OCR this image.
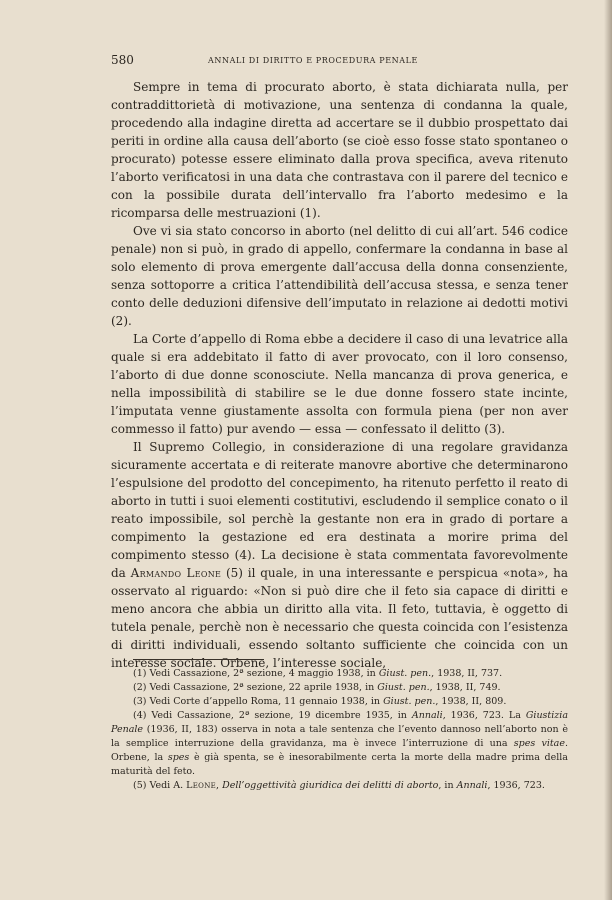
580	ANNALI DI DIRITTO E PROCEDURA PENALE

Sempre in tema di procurato aborto, è stata dichiarata nulla, per contraddittorietà di motivazione, una sentenza di condanna la quale, procedendo alla indagine diretta ad accertare se il dubbio prospettato dai periti in ordine alla causa dell’aborto (se cioè esso fosse stato spontaneo o procurato) potesse essere eliminato dalla prova specifica, aveva ritenuto l’aborto verificatosi in una data che contrastava con il parere del tecnico e con la possibile durata dell’intervallo fra l’aborto medesimo e la ricomparsa delle mestruazioni (1).

Ove vi sia stato concorso in aborto (nel delitto di cui all’art. 546 codice penale) non si può, in grado di appello, confermare la condanna in base al solo elemento di prova emergente dall’accusa della donna consenziente, senza sottoporre a critica l’attendibilità dell’accusa stessa, e senza tener conto delle deduzioni difensive dell’imputato in relazione ai dedotti motivi (2).

La Corte d’appello di Roma ebbe a decidere il caso di una levatrice alla quale si era addebitato il fatto di aver provocato, con il loro consenso, l’aborto di due donne sconosciute. Nella mancanza di prova generica, e nella impossibilità di stabilire se le due donne fossero state incinte, l’imputata venne giustamente assolta con formula piena (per non aver commesso il fatto) pur avendo — essa — confessato il delitto (3).

Il Supremo Collegio, in considerazione di una regolare gravidanza sicuramente accertata e di reiterate manovre abortive che determinarono l’espulsione del prodotto del concepimento, ha ritenuto perfetto il reato di aborto in tutti i suoi elementi costitutivi, escludendo il semplice conato o il reato impossibile, sol perchè la gestante non era in grado di portare a compimento la gestazione ed era destinata a morire prima del compimento stesso (4). La decisione è stata commentata favorevolmente da Armando Leone (5) il quale, in una interessante e perspicua «nota», ha osservato al riguardo: «Non si può dire che il feto sia capace di diritti e meno ancora che abbia un diritto alla vita. Il feto, tuttavia, è oggetto di tutela penale, perchè non è necessario che questa coincida con l’esistenza di diritti individuali, essendo soltanto sufficiente che coincida con un interesse sociale. Orbene, l’interesse sociale,

(1) Vedi Cassazione, 2ª sezione, 4 maggio 1938, in Giust. pen., 1938, II, 737.

(2) Vedi Cassazione, 2ª sezione, 22 aprile 1938, in Giust. pen., 1938, II, 749.

(3) Vedi Corte d’appello Roma, 11 gennaio 1938, in Giust. pen., 1938, II, 809.

(4) Vedi Cassazione, 2ª sezione, 19 dicembre 1935, in Annali, 1936, 723. La Giustizia Penale (1936, II, 183) osserva in nota a tale sentenza che l’evento dannoso nell’aborto non è la semplice interruzione della gravidanza, ma è invece l’interruzione di una spes vitae. Orbene, la spes è già spenta, se è inesorabilmente certa la morte della madre prima della maturità del feto.

(5) Vedi A. Leone, Dell’oggettività giuridica dei delitti di aborto, in Annali, 1936, 723.
